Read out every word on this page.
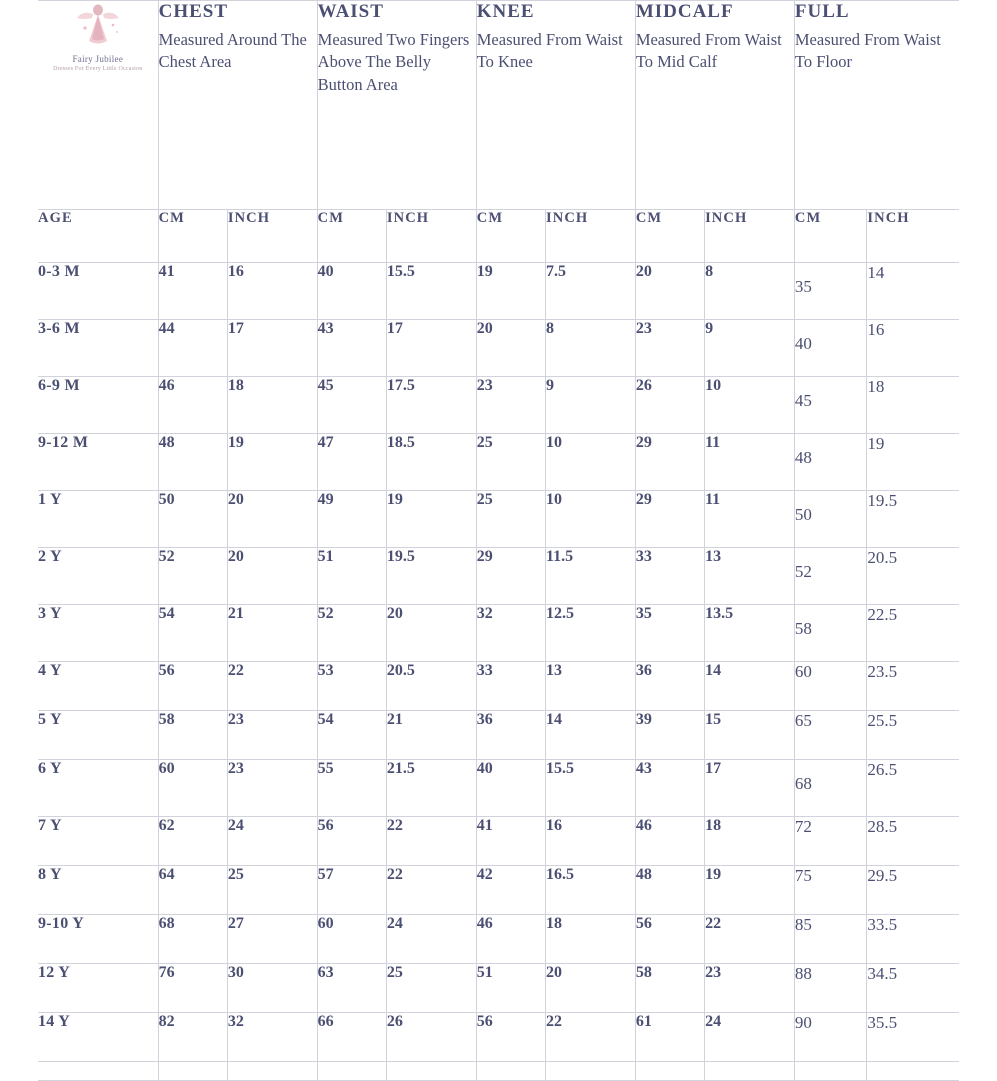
Fairy Jubilee
Dresses For Every Little Occasion

CHEST
Measured Around The Chest Area

WAIST
Measured Two Fingers Above The Belly Button Area

KNEE
Measured From Waist To Knee

MIDCALF
Measured From Waist To Mid Calf

FULL
Measured From Waist To Floor

AGE	CM	INCH	CM	INCH	CM	INCH	CM	INCH	CM	INCH
0-3 M	41	16	40	15.5	19	7.5	20	8	35	14
3-6 M	44	17	43	17	20	8	23	9	40	16
6-9 M	46	18	45	17.5	23	9	26	10	45	18
9-12 M	48	19	47	18.5	25	10	29	11	48	19
1 Y	50	20	49	19	25	10	29	11	50	19.5
2 Y	52	20	51	19.5	29	11.5	33	13	52	20.5
3 Y	54	21	52	20	32	12.5	35	13.5	58	22.5
4 Y	56	22	53	20.5	33	13	36	14	60	23.5
5 Y	58	23	54	21	36	14	39	15	65	25.5
6 Y	60	23	55	21.5	40	15.5	43	17	68	26.5
7 Y	62	24	56	22	41	16	46	18	72	28.5
8 Y	64	25	57	22	42	16.5	48	19	75	29.5
9-10 Y	68	27	60	24	46	18	56	22	85	33.5
12 Y	76	30	63	25	51	20	58	23	88	34.5
14 Y	82	32	66	26	56	22	61	24	90	35.5
